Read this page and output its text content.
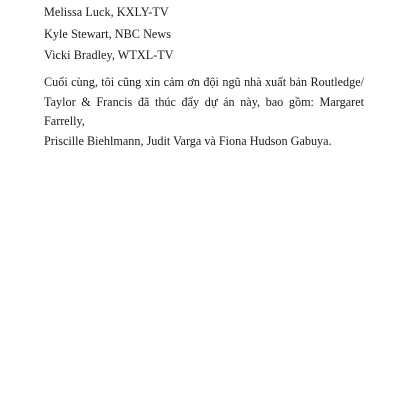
Melissa Luck, KXLY-TV
Kyle Stewart, NBC News
Vicki Bradley, WTXL-TV

Cuối cùng, tôi cũng xin cảm ơn đội ngũ nhà xuất bản Routledge/
Taylor & Francis đã thúc đẩy dự án này, bao gồm: Margaret Farrelly,
Priscille Biehlmann, Judit Varga và Fiona Hudson Gabuya.
